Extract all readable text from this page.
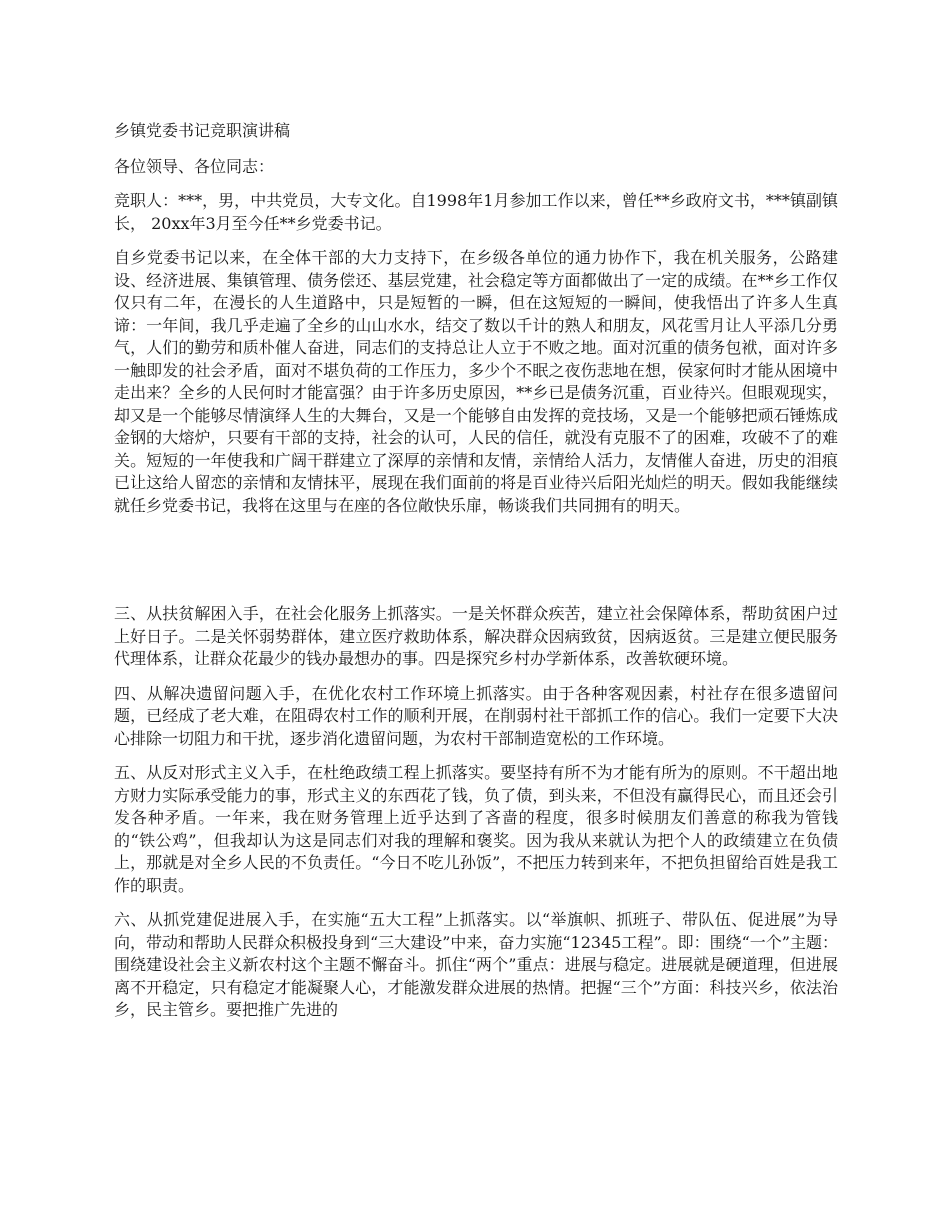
乡镇党委书记竞职演讲稿

各位领导、各位同志：

竞职人：***，男，中共党员，大专文化。自1998年1月参加工作以来，曾任**乡政府文书，***镇副镇长， 20xx年3月至今任**乡党委书记。

自乡党委书记以来，在全体干部的大力支持下，在乡级各单位的通力协作下，我在机关服务，公路建设、经济进展、集镇管理、债务偿还、基层党建，社会稳定等方面都做出了一定的成绩。在**乡工作仅仅只有二年，在漫长的人生道路中，只是短暂的一瞬，但在这短短的一瞬间，使我悟出了许多人生真谛：一年间，我几乎走遍了全乡的山山水水，结交了数以千计的熟人和朋友，风花雪月让人平添几分勇气，人们的勤劳和质朴催人奋进，同志们的支持总让人立于不败之地。面对沉重的债务包袱，面对许多一触即发的社会矛盾，面对不堪负荷的工作压力，多少个不眠之夜伤悲地在想，侯家何时才能从困境中走出来？全乡的人民何时才能富强？由于许多历史原因，**乡已是债务沉重，百业待兴。但眼观现实，却又是一个能够尽情演绎人生的大舞台，又是一个能够自由发挥的竞技场，又是一个能够把顽石锤炼成金钢的大熔炉，只要有干部的支持，社会的认可，人民的信任，就没有克服不了的困难，攻破不了的难关。短短的一年使我和广阔干群建立了深厚的亲情和友情，亲情给人活力，友情催人奋进，历史的泪痕已让这给人留恋的亲情和友情抹平，展现在我们面前的将是百业待兴后阳光灿烂的明天。假如我能继续就任乡党委书记，我将在这里与在座的各位敞快乐扉，畅谈我们共同拥有的明天。

三、从扶贫解困入手，在社会化服务上抓落实。一是关怀群众疾苦，建立社会保障体系，帮助贫困户过上好日子。二是关怀弱势群体，建立医疗救助体系，解决群众因病致贫，因病返贫。三是建立便民服务代理体系，让群众花最少的钱办最想办的事。四是探究乡村办学新体系，改善软硬环境。

四、从解决遗留问题入手，在优化农村工作环境上抓落实。由于各种客观因素，村社存在很多遗留问题，已经成了老大难，在阻碍农村工作的顺利开展，在削弱村社干部抓工作的信心。我们一定要下大决心排除一切阻力和干扰，逐步消化遗留问题，为农村干部制造宽松的工作环境。

五、从反对形式主义入手，在杜绝政绩工程上抓落实。要坚持有所不为才能有所为的原则。不干超出地方财力实际承受能力的事，形式主义的东西花了钱，负了债，到头来，不但没有赢得民心，而且还会引发各种矛盾。一年来，我在财务管理上近乎达到了吝啬的程度，很多时候朋友们善意的称我为管钱的“铁公鸡”，但我却认为这是同志们对我的理解和褒奖。因为我从来就认为把个人的政绩建立在负债上，那就是对全乡人民的不负责任。“今日不吃儿孙饭”，不把压力转到来年，不把负担留给百姓是我工作的职责。

六、从抓党建促进展入手，在实施“五大工程”上抓落实。以“举旗帜、抓班子、带队伍、促进展”为导向，带动和帮助人民群众积极投身到“三大建设”中来，奋力实施“12345工程”。即：围绕“一个”主题：围绕建设社会主义新农村这个主题不懈奋斗。抓住“两个”重点：进展与稳定。进展就是硬道理，但进展离不开稳定，只有稳定才能凝聚人心，才能激发群众进展的热情。把握“三个”方面：科技兴乡，依法治乡，民主管乡。要把推广先进的
